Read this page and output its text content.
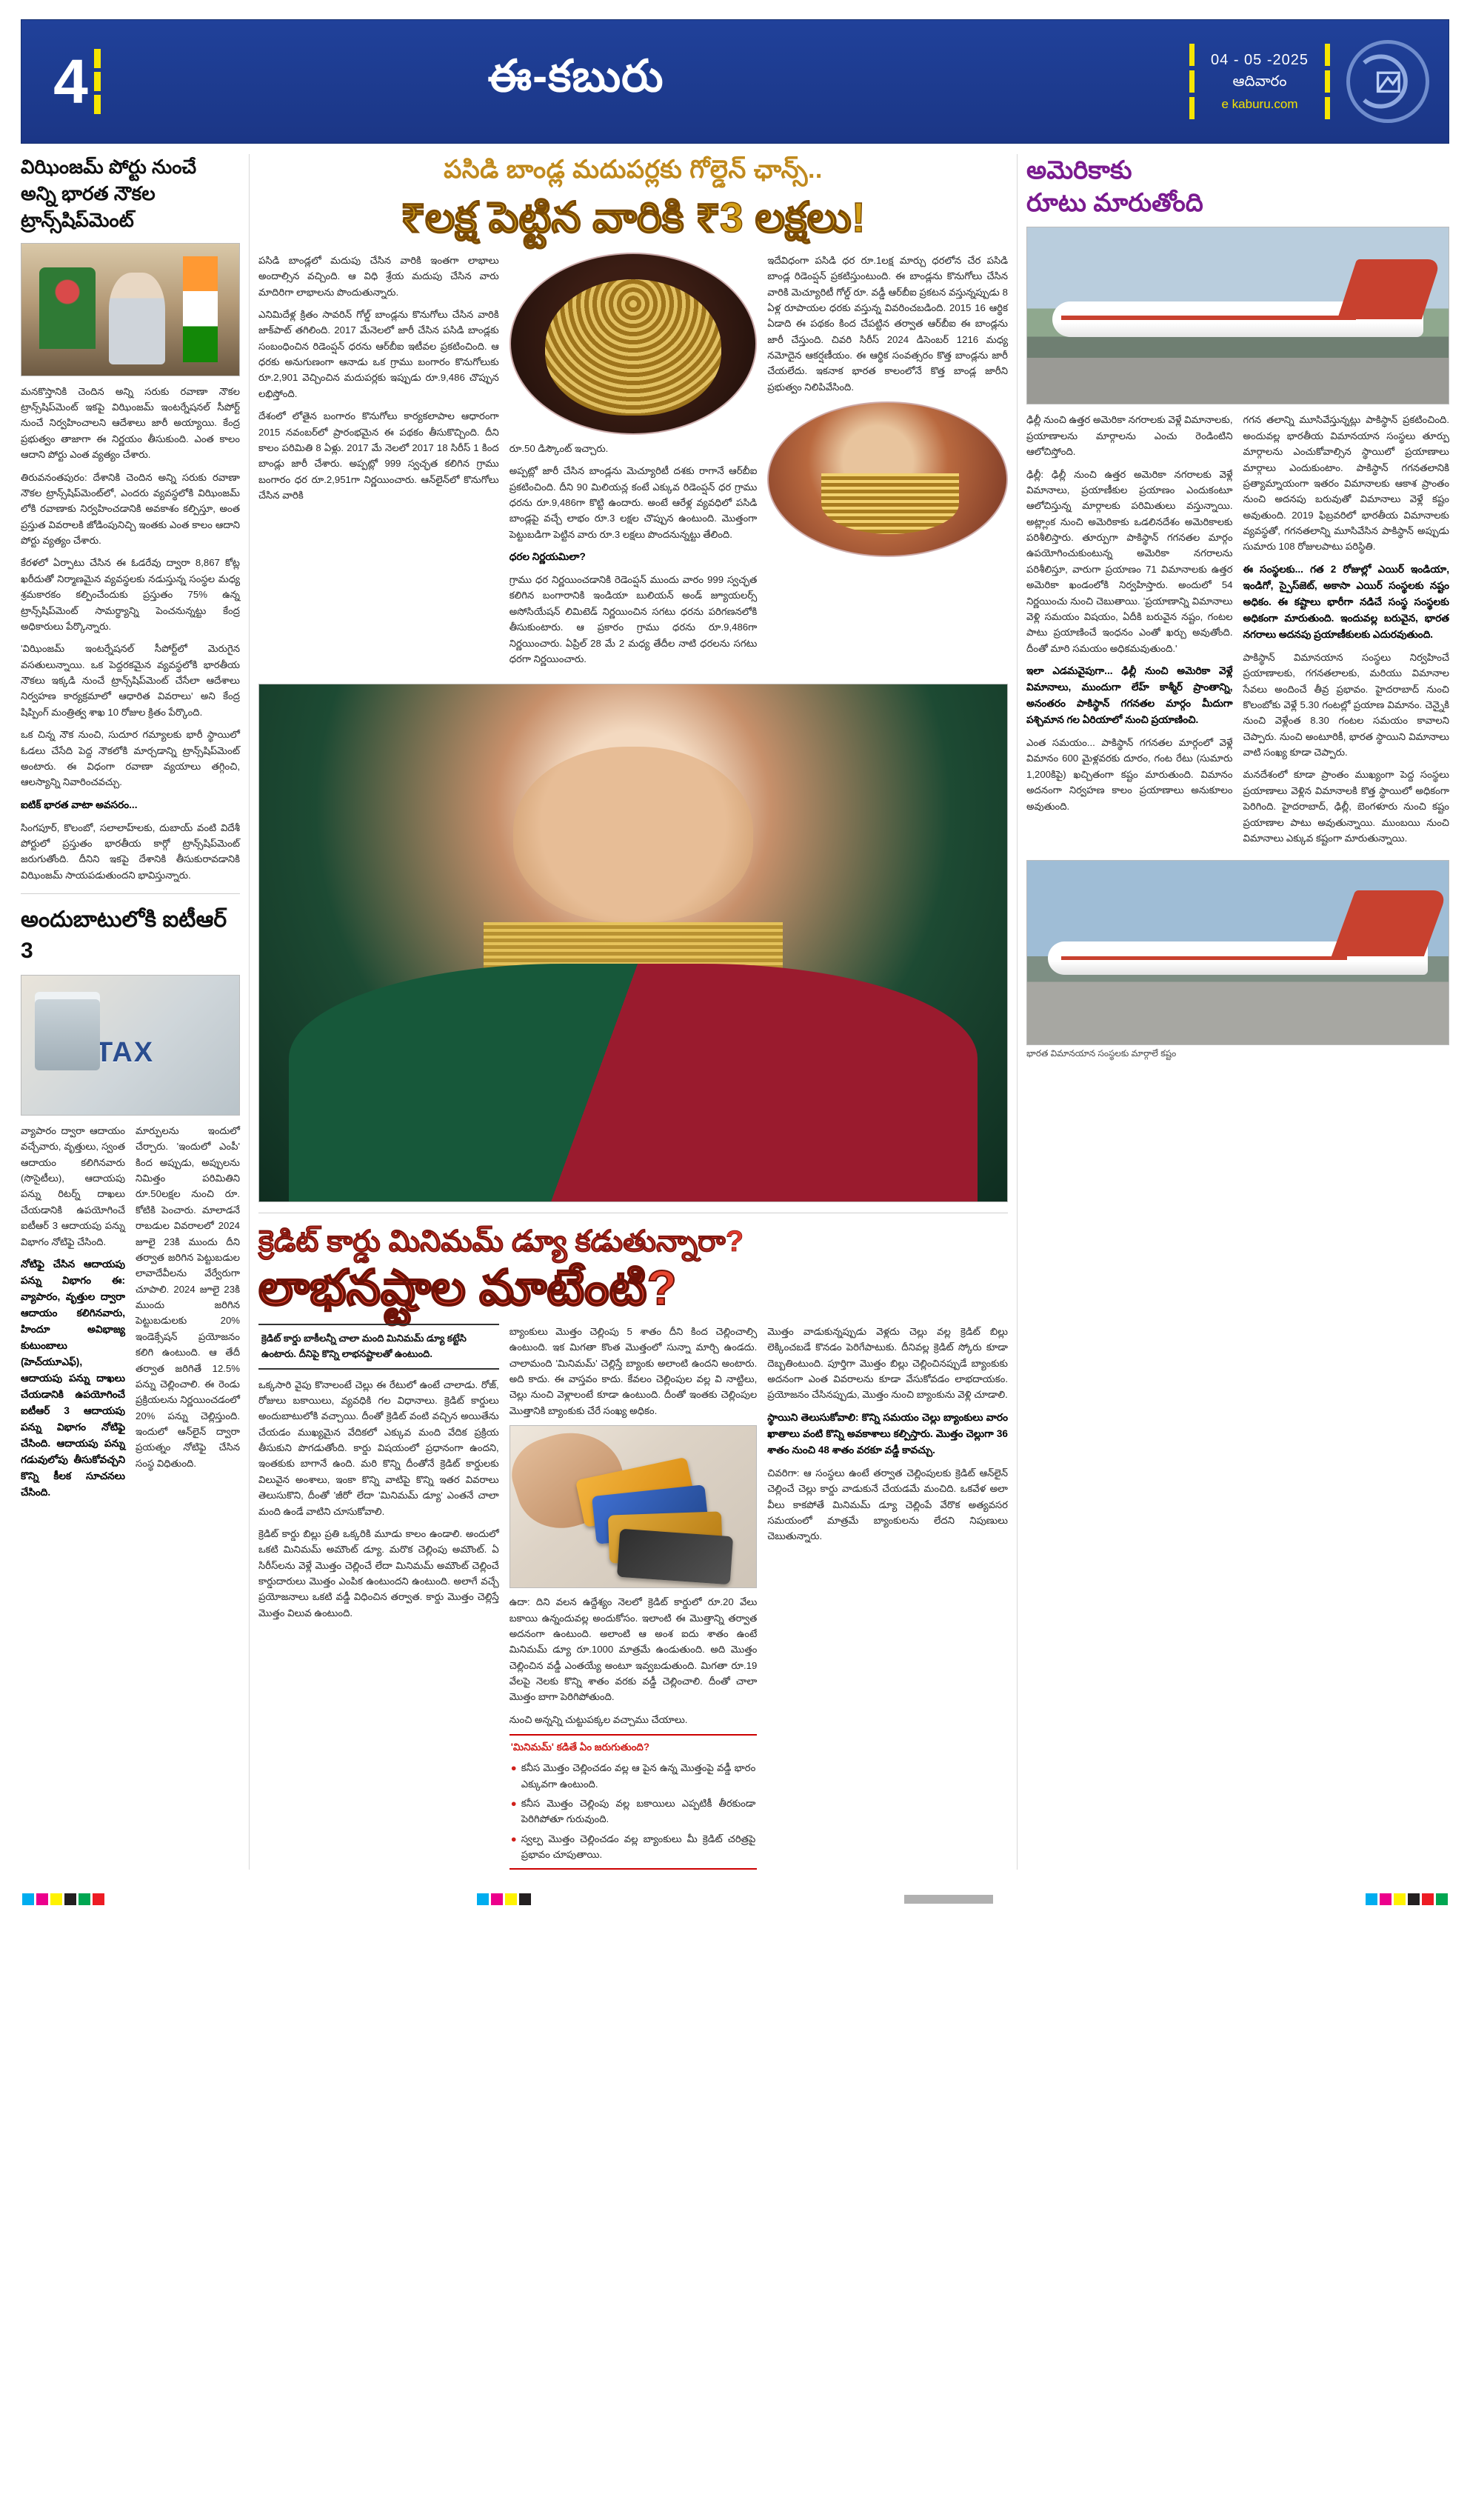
4	ఈ-కబురు	04 - 05 -2025
ఆదివారం
e kaburu.com
విఝింజమ్ పోర్టు నుంచే
అన్ని భారత నౌకల ట్రాన్స్‌షిప్‌మెంట్

మనకొస్తానికి చెందిన అన్ని సరుకు రవాణా నౌకల ట్రాన్స్‌షిప్‌మెంట్ ఇకపై విఝింజమ్ ఇంటర్నేషనల్ సీపోర్ట్ నుంచే నిర్వహించాలని ఆదేశాలు జారీ అయ్యాయి. కేంద్ర ప్రభుత్వం తాజాగా ఈ నిర్ణయం తీసుకుంది. ఎంత కాలం ఆదాని పోర్టు ఎంత వ్యత్యం చేశారు.

తిరువనంతపురం: దేశానికి చెందిన అన్ని సరుకు రవాణా నౌకల ట్రాన్స్‌షిప్‌మెంట్‌లో, ఎందరు వ్యవస్థలోకి విఝింజమ్ లోకి రవాణాకు నిర్వహించడానికి అవకాశం కల్పిస్తూ, అంత ప్రస్తుత వివరాలకి జోడింపునిచ్చి ఇంతకు ఎంత కాలం ఆదాని పోర్టు వ్యత్యం చేశారు.

కేరళలో ఏర్పాటు చేసిన ఈ ఓడరేవు ద్వారా 8,867 కోట్ల ఖరీదుతో నిర్మాణమైన వ్యవస్థలకు నడుస్తున్న సంస్థల మధ్య శ్రమకారకం కల్పించేందుకు ప్రస్తుతం 75% ఉన్న ట్రాన్స్‌షిప్‌మెంట్ సామర్థ్యాన్ని పెంచనున్నట్టు కేంద్ర అధికారులు పేర్కొన్నారు.

'విఝింజమ్ ఇంటర్నేషనల్ సీపోర్ట్‌లో మెరుగైన వసతులున్నాయి. ఒక పెద్దరకమైన వ్యవస్థలోకి భారతీయ నౌకలు ఇక్కడి నుంచే ట్రాన్స్‌షిప్‌మెంట్ చేసేలా ఆదేశాలు నిర్వహణ కార్యక్రమాలో ఆధారిత వివరాలు' అని కేంద్ర షిప్పింగ్ మంత్రిత్వ శాఖ 10 రోజుల క్రితం పేర్కొంది.

ఒక చిన్న నౌక నుంచి, సుదూర గమ్యాలకు భారీ స్థాయిలో ఓడలు చేసేది పెద్ద నౌకలోకి మార్చడాన్ని ట్రాన్స్‌షిప్‌మెంట్ అంటారు. ఈ విధంగా రవాణా వ్యయాలు తగ్గించి, ఆలస్యాన్ని నివారించవచ్చు.

ఐటిక్ భారత వాటా అవసరం...

సింగపూర్, కొలంబో, సలాలాహ్‌లకు, దుబాయ్ వంటి విదేశీ పోర్టులో ప్రస్తుతం భారతీయ కార్గో ట్రాన్స్‌షిప్‌మెంట్ జరుగుతోంది. దీనిని ఇకపై దేశానికి తీసుకురావడానికి విఝింజమ్ సాయపడుతుందని భావిస్తున్నారు.

అందుబాటులోకి ఐటీఆర్ 3
TAX

వ్యాపారం ద్వారా ఆదాయం వచ్చేవారు, వృత్తులు, స్వంత ఆదాయం కలిగినవారు (సొసైటీలు), ఆదాయపు పన్ను రిటర్న్ దాఖలు చేయడానికి ఉపయోగించే ఐటీఆర్ 3 ఆదాయపు పన్ను విభాగం నోటిఫై చేసింది.

నోటిఫై చేసిన ఆదాయపు పన్ను విభాగం ఈ: వ్యాపారం, వృత్తుల ద్వారా ఆదాయం కలిగినవారు, హిందూ అవిభాజ్య కుటుంబాలు (హెచ్‌యూఎఫ్), ఆదాయపు పన్ను దాఖలు చేయడానికి ఉపయోగించే ఐటీఆర్ 3 ఆదాయపు పన్ను విభాగం నోటిఫై చేసింది. ఆదాయపు పన్ను గడువులోపు తీసుకోవచ్చని కొన్ని కీలక సూచనలు చేసింది.

మార్పులను ఇందులో చేర్చారు. 'ఇందులో ఎంపీ' కింద అప్పుడు, అప్పులను నిమిత్తం పరిమితిని రూ.50లక్షల నుంచి రూ. కోటికి పెంచారు. మాలాడనే రాబడుల వివరాలలో 2024 జూలై 23కి ముందు దీని తర్వాత జరిగిన పెట్టుబడుల లావాదేవీలను వేర్వేరుగా చూపాలి. 2024 జూలై 23కి ముందు జరిగిన పెట్టుబడులకు 20% ఇండెక్సేషన్ ప్రయోజనం కలిగి ఉంటుంది. ఆ తేదీ తర్వాత జరిగితే 12.5% పన్ను చెల్లించాలి. ఈ రెండు ప్రక్రియలను నిర్ణయించడంలో 20% పన్ను చెల్లిస్తుంది. ఇందులో ఆన్‌లైన్ ద్వారా ప్రయత్నం నోటిఫై చేసిన సంస్థ విధితుంది.

పసిడి బాండ్ల మదుపర్లకు గోల్డెన్ ఛాన్స్..
₹లక్ష పెట్టిన వారికి ₹3 లక్షలు!

పసిడి బాండ్లలో మదుపు చేసిన వారికి ఇంతగా లాభాలు అందాల్సిన వచ్చింది. ఆ విధి శ్రేయ మదుపు చేసిన వారు మాదిరిగా లాభాలను పొందుతున్నారు.

ఎనిమిదేళ్ల క్రితం సావరిన్ గోల్డ్ బాండ్లను కొనుగోలు చేసిన వారికి జాక్‌పాట్ తగిలింది. 2017 మేనెలలో జారీ చేసిన పసిడి బాండ్లకు సంబంధించిన రిడెంప్షన్ ధరను ఆర్‌బీఐ ఇటీవల ప్రకటించింది. ఆ ధరకు అనుగుణంగా ఆనాడు ఒక గ్రాము బంగారం కొనుగోలుకు రూ.2,901 వెచ్చించిన మదుపర్లకు ఇప్పుడు రూ.9,486 చొప్పున లభిస్తోంది.

దేశంలో లోతైన బంగారం కొనుగోలు కార్యకలాపాల ఆధారంగా 2015 నవంబర్‌లో ప్రారంభమైన ఈ పథకం తీసుకొచ్చింది. దీని కాలం పరిమితి 8 ఏళ్లు. 2017 మే నెలలో 2017 18 సిరీస్ 1 కింద బాండ్లు జారీ చేశారు. అప్పట్లో 999 స్వచ్ఛత కలిగిన గ్రాము బంగారం ధర రూ.2,951గా నిర్ణయించారు. ఆన్‌లైన్‌లో కొనుగోలు చేసిన వారికి

రూ.50 డిస్కౌంట్ ఇచ్చారు.

అప్పట్లో జారీ చేసిన బాండ్లను మెచ్యూరిటీ దశకు రాగానే ఆర్‌బీఐ ప్రకటించింది. దీని 90 మిలియన్ల కంటే ఎక్కువ రిడెంప్షన్ ధర గ్రాము ధరను రూ.9,486గా కొట్టి ఉందారు. అంటే ఆరేళ్ల వ్యవధిలో పసిడి బాండ్లపై వచ్చే లాభం రూ.3 లక్షల చొప్పున ఉంటుంది. మొత్తంగా పెట్టుబడిగా పెట్టిన వారు రూ.3 లక్షలు పొందనున్నట్టు తేలింది.

ధరల నిర్ణయమిలా?

గ్రాము ధర నిర్ణయించడానికి రెడెంప్షన్ ముందు వారం 999 స్వచ్ఛత కలిగిన బంగారానికి ఇండియా బులియన్ అండ్ జ్యూయలర్స్ అసోసియేషన్ లిమిటెడ్ నిర్ణయించిన సగటు ధరను పరిగణనలోకి తీసుకుంటారు. ఆ ప్రకారం గ్రాము ధరను రూ.9,486గా నిర్ణయించారు. ఏప్రిల్ 28 మే 2 మధ్య తేదీల నాటి ధరలను సగటు ధరగా నిర్ణయించారు.

ఇదేవిధంగా పసిడి ధర రూ.1లక్ష మార్చు ధరలోన చేర పసిడి బాండ్ల రిడెంప్షన్ ప్రకటిస్తుంటుంది. ఈ బాండ్లను కొనుగోలు చేసిన వారికి మెచ్యూరిటీ గోల్డ్ రూ. వడ్డీ ఆర్‌బీఐ ప్రకటన వస్తున్నప్పుడు 8 ఏళ్ల రూపాయల ధరకు వస్తున్న వివరించబడింది. 2015 16 ఆర్థిక ఏడాది ఈ పథకం కింద చేపట్టిన తర్వాత ఆర్‌బీఐ ఈ బాండ్లను జారీ చేస్తుంది. చివరి సిరీస్ 2024 డిసెంబర్ 1216 మధ్య నమోదైన ఆకర్షణీయం. ఈ ఆర్థిక సంవత్సరం కొత్త బాండ్లను జారీ చేయలేదు. ఇకనాక భారత కాలంలోనే కొత్త బాండ్ల జారీని ప్రభుత్వం నిలిపివేసింది.

క్రెడిట్ కార్డు మినిమమ్ డ్యూ కడుతున్నారా?
లాభనష్టాల మాటేంటి?
క్రెడిట్ కార్డు బాకీలన్నీ చాలా మంది మినిమమ్ డ్యూ కట్టేసి ఉంటారు. దీనిపై కొన్ని లాభనష్టాలతో ఉంటుంది.

ఒక్కసారి వైపు కొనాలంటే చెల్లు ఈ రేటులో ఉంటే చాలాడు. రోజ్, రోజులు బకాయిలు, వ్యవధికి గల విధానాలు. క్రెడిట్ కార్డులు అందుబాటులోకి వచ్చాయి. దీంతో క్రెడిట్ వంటి వచ్చిన అయితేను చేయడం ముఖ్యమైన వేదికలో ఎక్కువ మంది వేదిక ప్రక్రియ తీసుకుని పొగడుతోంది. కార్డు విషయంలో ప్రధానంగా ఉందని, ఇంతకుకు బాగానే ఉంది. మరి కొన్ని దీంతోనే క్రెడిట్ కార్డులకు విలువైన అంశాలు, ఇంకా కొన్ని వాటిపై కొన్ని ఇతర వివరాలు తెలుసుకొని, దీంతో 'జీరో' లేదా 'మినిమమ్ డ్యూ' ఎంతనే చాలా మంది ఉండే వాటిని చూసుకోవాలి.

క్రెడిట్ కార్డు బిల్లు ప్రతి ఒక్కరికి మూడు కాలం ఉండాలి. అందులో ఒకటి మినిమమ్ అమౌంట్ డ్యూ. మరొక చెల్లింపు అమౌంట్. ఏ సిరీస్‌లను వెళ్లే మొత్తం చెల్లించే లేదా మినిమమ్ అమౌంట్ చెల్లించే కార్డుదారులు మొత్తం ఎంపిక ఉంటుందని ఉంటుంది. అలాగే వచ్చే ప్రయోజనాలు ఒకటి వడ్డీ విధించిన తర్వాత. కార్డు మొత్తం చెల్లిస్తే మొత్తం విలువ ఉంటుంది.

బ్యాంకులు మొత్తం చెల్లింపు 5 శాతం దీని కింద చెల్లించాల్సి ఉంటుంది. ఇక మిగతా కొంత మొత్తంలో సున్నా మార్చి ఉండదు. చాలామంది 'మినిమమ్' చెల్లిస్తే బ్యాంకు అలాంటి ఉందని అంటారు. అది కాదు. ఈ వాస్తవం కాదు. కేవలం చెల్లింపుల వల్ల వి నాట్టిలు, చెల్లు నుంచి వెళ్లాలంటే కూడా ఉంటుంది. దీంతో ఇంతకు చెల్లింపుల మొత్తానికి బ్యాంకుకు చేరే సంఖ్య అధికం.

ఉదా: దిని వలన ఉద్దేశ్యం నెలలో క్రెడిట్ కార్డులో రూ.20 వేలు బకాయి ఉన్నందువల్ల అందుకోసం. ఇలాంటి ఈ మొత్తాన్ని తర్వాత అదనంగా ఉంటుంది. అలాంటి ఆ అంశ ఐదు శాతం ఉంటే మినిమమ్ డ్యూ రూ.1000 మాత్రమే ఉండుతుంది. అది మొత్తం చెల్లించిన వడ్డీ ఎంతయ్యే అంటూ ఇవ్వబడుతుంది. మిగతా రూ.19 వేలపై నెలకు కొన్ని శాతం వరకు వడ్డీ చెల్లించాలి. దీంతో చాలా మొత్తం బాగా పెరిగిపోతుంది.

నుంచి అన్నన్ని చుట్టుపక్కల వచ్చాము చేయాలు.

'మినిమమ్' కడితే ఏం జరుగుతుంది?
● కనీస మొత్తం చెల్లించడం వల్ల ఆ పైన ఉన్న మొత్తంపై వడ్డీ భారం ఎక్కువగా ఉంటుంది.
● కనీస మొత్తం చెల్లింపు వల్ల బకాయిలు ఎప్పటికీ తీరకుండా పెరిగిపోతూ గురువుంది.
● స్వల్ప మొత్తం చెల్లించడం వల్ల బ్యాంకులు మీ క్రెడిట్ చరిత్రపై ప్రభావం చూపుతాయి.

మొత్తం వాడుకున్నప్పుడు వెళ్లదు చెల్లు వల్ల క్రెడిట్ బిల్లు లెక్కించబడే కొనడం పెరిగేపాటుకు. దీనివల్ల క్రెడిట్ స్కోరు కూడా దెబ్బతింటుంది. పూర్తిగా మొత్తం బిల్లు చెల్లించినప్పుడే బ్యాంకుకు అదనంగా ఎంత వివరాలను కూడా వేసుకోవడం లాభదాయకం. ప్రయోజనం చేసినప్పుడు, మొత్తం నుంచి బ్యాంకును వెళ్లి చూడాలి.

స్థాయిని తెలుసుకోవాలి: కొన్ని సమయం చెల్లు బ్యాంకులు వారం ఖాతాలు వంటి కొన్ని అవకాశాలు కల్పిస్తారు. మొత్తం చెల్లుగా 36 శాతం నుంచి 48 శాతం వరకూ వడ్డీ కావచ్చు.

చివరిగా: ఆ సంస్థలు ఉంటే తర్వాత చెల్లింపులకు క్రెడిట్ ఆన్‌లైన్ చెల్లించే చెల్లు కార్డు వాడుకునే చేయడమే మంచిది. ఒకవేళ అలా వీలు కాకపోతే మినిమమ్ డ్యూ చెల్లింపే వేరొక అత్యవసర సమయంలో మాత్రమే బ్యాంకులను లేదని నిపుణులు చెబుతున్నారు.

అమెరికాకు
రూటు మారుతోంది

ఢిల్లీ నుంచి ఉత్తర అమెరికా నగరాలకు వెళ్లే విమానాలకు, ప్రయాణాలను మార్గాలను ఎంచు రెండింటిని ఆలోచిస్తోంది.

ఢిల్లీ: ఢిల్లీ నుంచి ఉత్తర అమెరికా నగరాలకు వెళ్లే విమానాలు, ప్రయాణీకుల ప్రయాణం ఎందుకంటూ ఆలోచిస్తున్న మార్గాలకు పరిమితులు వస్తున్నాయి. అట్ల్లాంక నుంచి అమెరికాకు ఒడలినదేశం అమెరికాలకు పరిశీలిస్తారు. తూర్పుగా పాకిస్థాన్ గగనతల మార్గం ఉపయోగించుకుంటున్న అమెరికా నగరాలను పరిశీలిస్తూ, వారుగా ప్రయాణం 71 విమానాలకు ఉత్తర అమెరికా ఖండంలోకి నిర్వహిస్తారు. అందులో 54 నిర్ణయించు నుంచి చెబుతాయి. 'ప్రయాణాన్ని విమానాలు వెళ్లి సమయం విషయం, ఏదీకి బరువైన నష్టం, గంటల పాటు ప్రయాణించే ఇంధనం ఎంతో ఖర్చు అవుతోంది. దీంతో మారి సమయం అధికమవుతుంది.'

ఇలా ఎడమవైపుగా... ఢిల్లీ నుంచి అమెరికా వెళ్లే విమానాలు, ముందుగా లేహ్ కాశ్మీర్ ప్రాంతాన్ని, అనంతరం పాకిస్థాన్ గగనతల మార్గం మీదుగా పశ్చిమాన గల ఏరియాలో నుంచి ప్రయాణించి.

ఎంత సమయం... పాకిస్థాన్ గగనతల మార్గంలో వెళ్లే విమానం 600 మైళ్లవరకు దూరం, గంట రేటు (సుమారు 1,200కిపై) ఖచ్చితంగా కష్టం మారుతుంది. విమానం అదనంగా నిర్వహణ కాలం ప్రయాణాలు అనుకూలం అవుతుంది.

గగన తలాన్ని మూసివేస్తున్నట్లు పాకిస్థాన్ ప్రకటించింది. అందువల్ల భారతీయ విమానయాన సంస్థలు తూర్పు మార్గాలను ఎంచుకోవాల్సిన స్థాయిలో ప్రయాణాలు మార్గాలు ఎందుకుంటాం. పాకిస్థాన్ గగనతలానికి ప్రత్యామ్నాయంగా ఇతరం విమానాలకు ఆకాశ ప్రాంతం నుంచి అదనపు బరువుతో విమానాలు వెళ్లే కష్టం అవుతుంది. 2019 ఫిబ్రవరిలో భారతీయ విమానాలకు వ్యవస్థతో, గగనతలాన్ని మూసివేసిన పాకిస్థాన్ అప్పుడు సుమారు 108 రోజులపాటు పరిస్థితి.

ఈ సంస్థలకు... గత 2 రోజుల్లో ఎయిర్ ఇండియా, ఇండిగో, స్పైస్‌జెట్, అకాసా ఎయిర్ సంస్థలకు నష్టం అధికం. ఈ కష్టాలు భారీగా నడిచే సంస్థ సంస్థలకు అధికంగా మారుతుంది. ఇందువల్ల బరువైన, భారత నగరాలు అదనపు ప్రయాణీకులకు ఎదురవుతుంది.

పాకిస్థాన్ విమానయాన సంస్థలు నిర్వహించే ప్రయాణాలకు, గగనతలాలకు, మరియు విమానాల సేవలు అందించే తీవ్ర ప్రభావం. హైదరాబాద్ నుంచి కొలంబోకు వెళ్లే 5.30 గంటల్లో ప్రయాణ విమానం. చెన్నైకి నుంచి వెళ్లేంత 8.30 గంటల సమయం కావాలని చెప్పారు. నుంచి అంటూరికీ, భారత స్థాయిని విమానాలు వాటి సంఖ్య కూడా చెప్పారు.

మనదేశంలో కూడా ప్రాంతం ముఖ్యంగా పెద్ద సంస్థలు ప్రయాణాలు వెళ్లిన విమానాలకి కొత్త స్థాయిలో అధికంగా పెరిగింది. హైదరాబాద్, ఢిల్లీ, బెంగళూరు నుంచి కష్టం ప్రయాణాల పాటు అవుతున్నాయి. ముంబయి నుంచి విమానాలు ఎక్కువ కష్టంగా మారుతున్నాయి.

భారత విమానయాన సంస్థలకు మార్గాలే కష్టం
